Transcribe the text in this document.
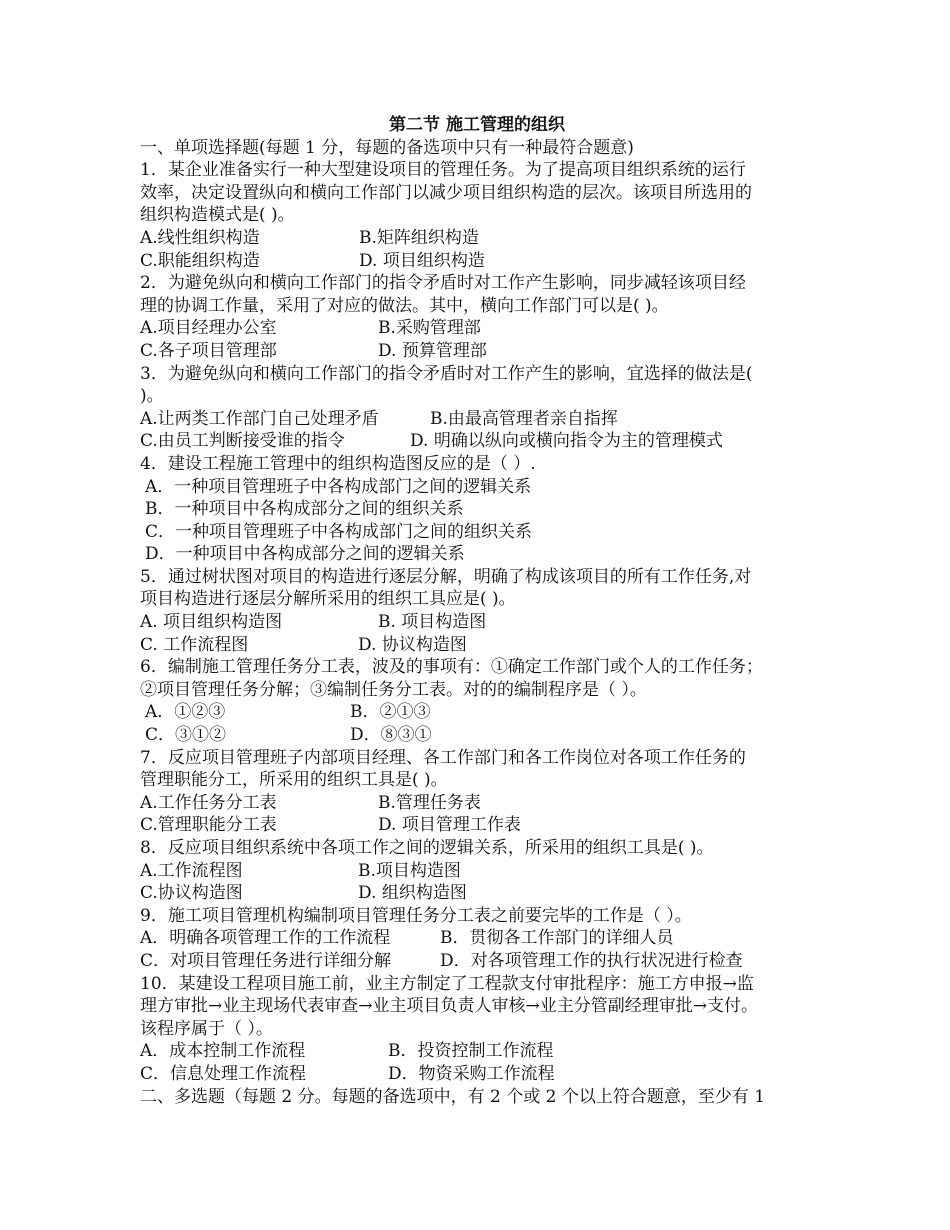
第二节 施工管理的组织
一、单项选择题(每题 1 分，每题的备选项中只有一种最符合题意)
1．某企业准备实行一种大型建设项目的管理任务。为了提高项目组织系统的运行
效率，决定设置纵向和横向工作部门以减少项目组织构造的层次。该项目所选用的
组织构造模式是( )。
A.线性组织构造	B.矩阵组织构造
C.职能组织构造	D. 项目组织构造
2．为避免纵向和横向工作部门的指令矛盾时对工作产生影响，同步减轻该项目经
理的协调工作量，采用了对应的做法。其中，横向工作部门可以是( )。
A.项目经理办公室	B.采购管理部
C.各子项目管理部	D. 预算管理部
3．为避免纵向和横向工作部门的指令矛盾时对工作产生的影响，宜选择的做法是(
)。
A.让两类工作部门自己处理矛盾	B.由最高管理者亲自指挥
C.由员工判断接受谁的指令	D. 明确以纵向或横向指令为主的管理模式
4．建设工程施工管理中的组织构造图反应的是（ ）.
A．一种项目管理班子中各构成部门之间的逻辑关系
B．一种项目中各构成部分之间的组织关系
C．一种项目管理班子中各构成部门之间的组织关系
D．一种项目中各构成部分之间的逻辑关系
5．通过树状图对项目的构造进行逐层分解，明确了构成该项目的所有工作任务,对
项目构造进行逐层分解所采用的组织工具应是( )。
A. 项目组织构造图	B. 项目构造图
C. 工作流程图	D. 协议构造图
6．编制施工管理任务分工表，波及的事项有：①确定工作部门或个人的工作任务；
②项目管理任务分解；③编制任务分工表。对的的编制程序是（ ）。
A．①②③	B．②①③
C．③①②	D．⑧③①
7．反应项目管理班子内部项目经理、各工作部门和各工作岗位对各项工作任务的
管理职能分工，所采用的组织工具是( )。
A.工作任务分工表	B.管理任务表
C.管理职能分工表	D. 项目管理工作表
8．反应项目组织系统中各项工作之间的逻辑关系，所采用的组织工具是( )。
A.工作流程图	B.项目构造图
C.协议构造图	D. 组织构造图
9．施工项目管理机构编制项目管理任务分工表之前要完毕的工作是（ ）。
A．明确各项管理工作的工作流程	B．贯彻各工作部门的详细人员
C．对项目管理任务进行详细分解	D．对各项管理工作的执行状况进行检查
10．某建设工程项目施工前，业主方制定了工程款支付审批程序：施工方申报→监
理方审批→业主现场代表审查→业主项目负责人审核→业主分管副经理审批→支付。
该程序属于（ ）。
A．成本控制工作流程	B．投资控制工作流程
C．信息处理工作流程	D．物资采购工作流程
二、多选题（每题 2 分。每题的备选项中，有 2 个或 2 个以上符合题意，至少有 1
